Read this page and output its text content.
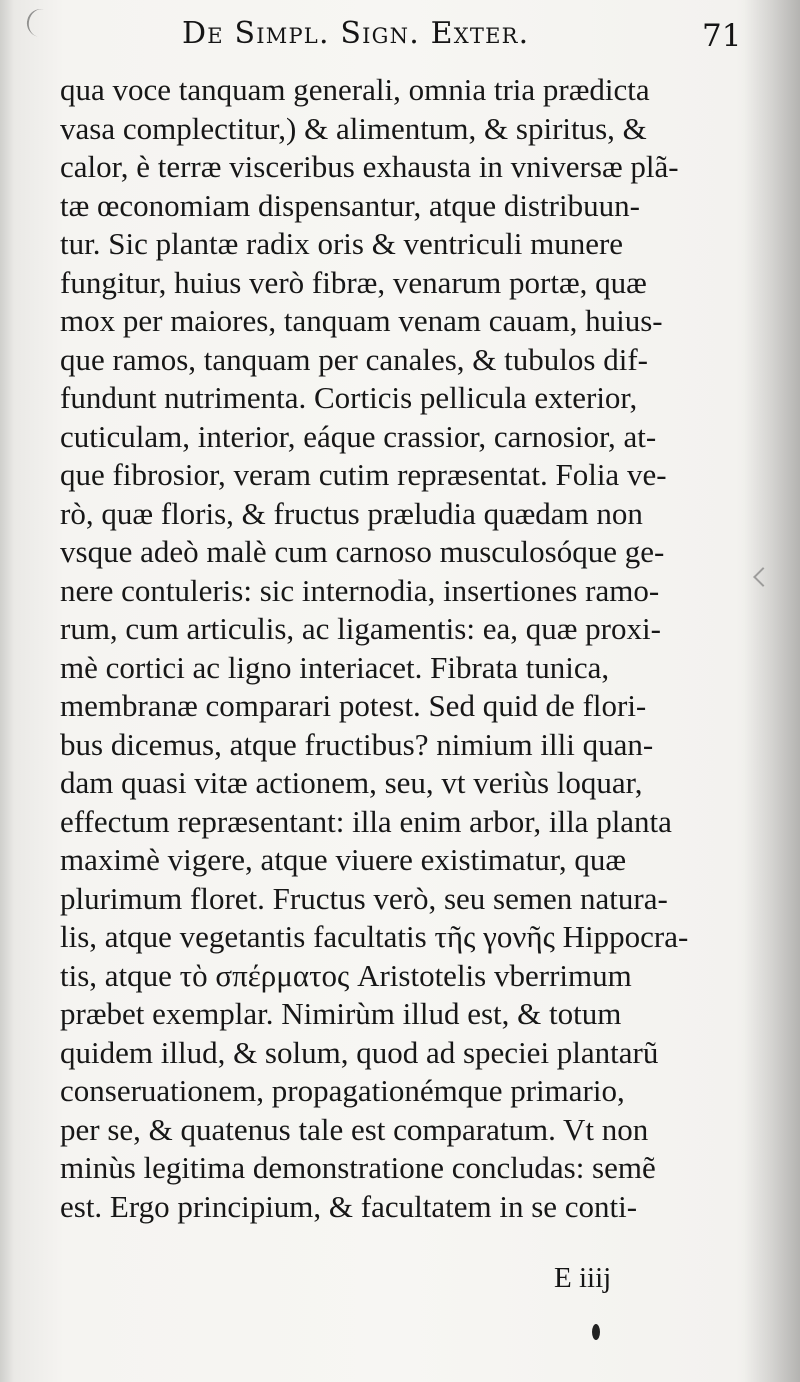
De Simpl. Sign. Exter.	71
qua voce tanquam generali, omnia tria prædicta
vasa complectitur,) & alimentum, & spiritus, &
calor, è terræ visceribus exhausta in vniversæ plã-
tæ œconomiam dispensantur, atque distribuun-
tur. Sic plantæ radix oris & ventriculi munere
fungitur, huius verò fibræ, venarum portæ, quæ
mox per maiores, tanquam venam cauam, huius-
que ramos, tanquam per canales, & tubulos dif-
fundunt nutrimenta. Corticis pellicula exterior,
cuticulam, interior, eáque crassior, carnosior, at-
que fibrosior, veram cutim repræsentat. Folia ve-
rò, quæ floris, & fructus præludia quædam non
vsque adeò malè cum carnoso musculosóque ge-
nere contuleris: sic internodia, insertiones ramo-
rum, cum articulis, ac ligamentis: ea, quæ proxi-
mè cortici ac ligno interiacet. Fibrata tunica,
membranæ comparari potest. Sed quid de flori-
bus dicemus, atque fructibus? nimium illi quan-
dam quasi vitæ actionem, seu, vt veriùs loquar,
effectum repræsentant: illa enim arbor, illa planta
maximè vigere, atque viuere existimatur, quæ
plurimum floret. Fructus verò, seu semen natura-
lis, atque vegetantis facultatis τῆς γονῆς Hippocra-
tis, atque τὸ σπέρματος Aristotelis vberrimum
præbet exemplar. Nimirùm illud est, & totum
quidem illud, & solum, quod ad speciei plantarũ
conseruationem, propagationémque primario,
per se, & quatenus tale est comparatum. Vt non
minùs legitima demonstratione concludas: semẽ
est. Ergo principium, & facultatem in se conti-
E iiij
